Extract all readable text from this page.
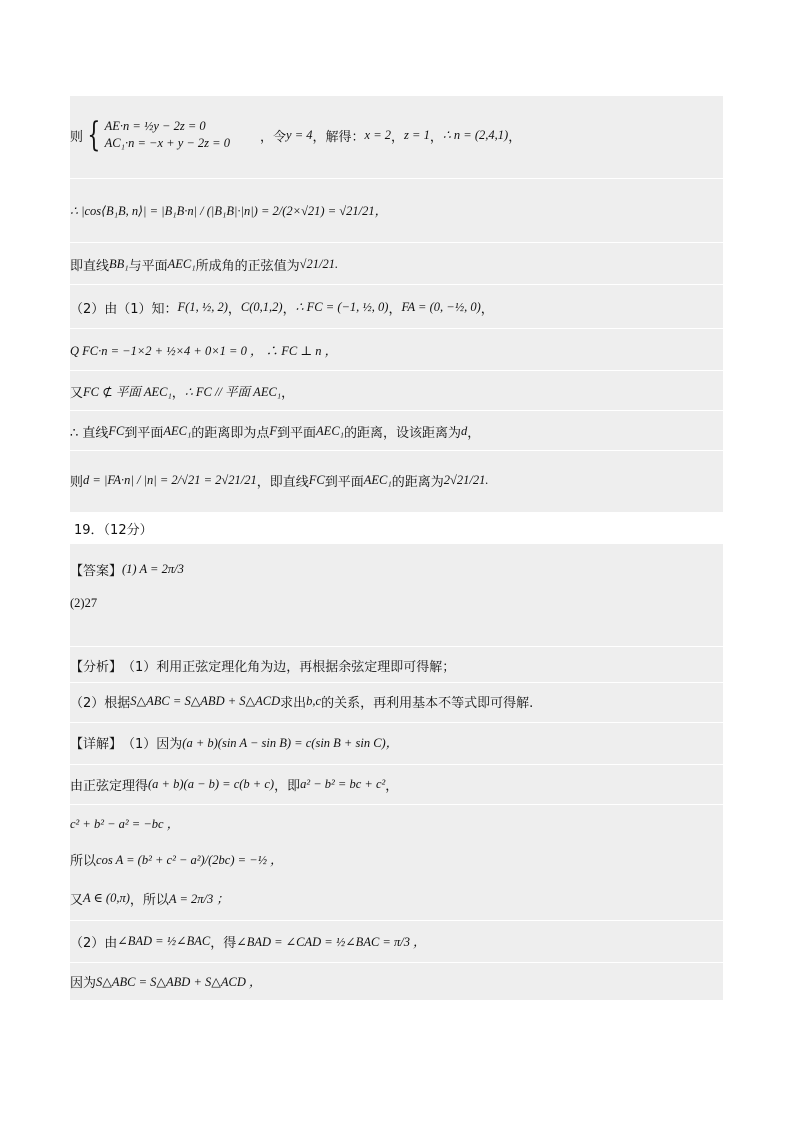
则 { AE·n = ½y − 2z = 0
AC₁·n = −x + y − 2z = 0 ，令 y = 4 ，解得： x = 2 ， z = 1 ， ∴ n = (2,4,1) ，
∴ |cos⟨B₁B, n⟩| = |B₁B·n| / (|B₁B|·|n|) = 2/(2×√21) = √21/21，
即直线 BB₁ 与平面 AEC₁ 所成角的正弦值为 √21/21.
（2）由（1）知： F(1, ½, 2) ， C(0,1,2) ， ∴ FC = (−1, ½, 0) ， FA = (0, −½, 0) ，
Q FC·n = −1×2 + ½×4 + 0×1 = 0 ， ∴ FC ⊥ n ，
又 FC ⊄ 平面 AEC₁ ， ∴ FC // 平面 AEC₁ ，
∴ 直线 FC 到平面 AEC₁ 的距离即为点 F 到平面 AEC₁ 的距离，设该距离为 d ，
则 d = |FA·n| / |n| = 2/√21 = 2√21/21 ，即直线 FC 到平面 AEC₁ 的距离为 2√21/21.
19．（12分）
【答案】 (1) A = 2π/3
(2)27
【分析】 （1）利用正弦定理化角为边，再根据余弦定理即可得解；
（2）根据 S△ABC = S△ABD + S△ACD 求出 b,c 的关系，再利用基本不等式即可得解.
【详解】 （1）因为 (a + b)(sin A − sin B) = c(sin B + sin C)，
由正弦定理得 (a + b)(a − b) = c(b + c) ，即 a² − b² = bc + c² ，
c² + b² − a² = −bc ，
所以 cos A = (b² + c² − a²)/(2bc) = −½ ，
又 A ∈ (0,π) ，所以 A = 2π/3 ；
（2）由 ∠BAD = ½∠BAC ，得 ∠BAD = ∠CAD = ½∠BAC = π/3 ，
因为 S△ABC = S△ABD + S△ACD ，
